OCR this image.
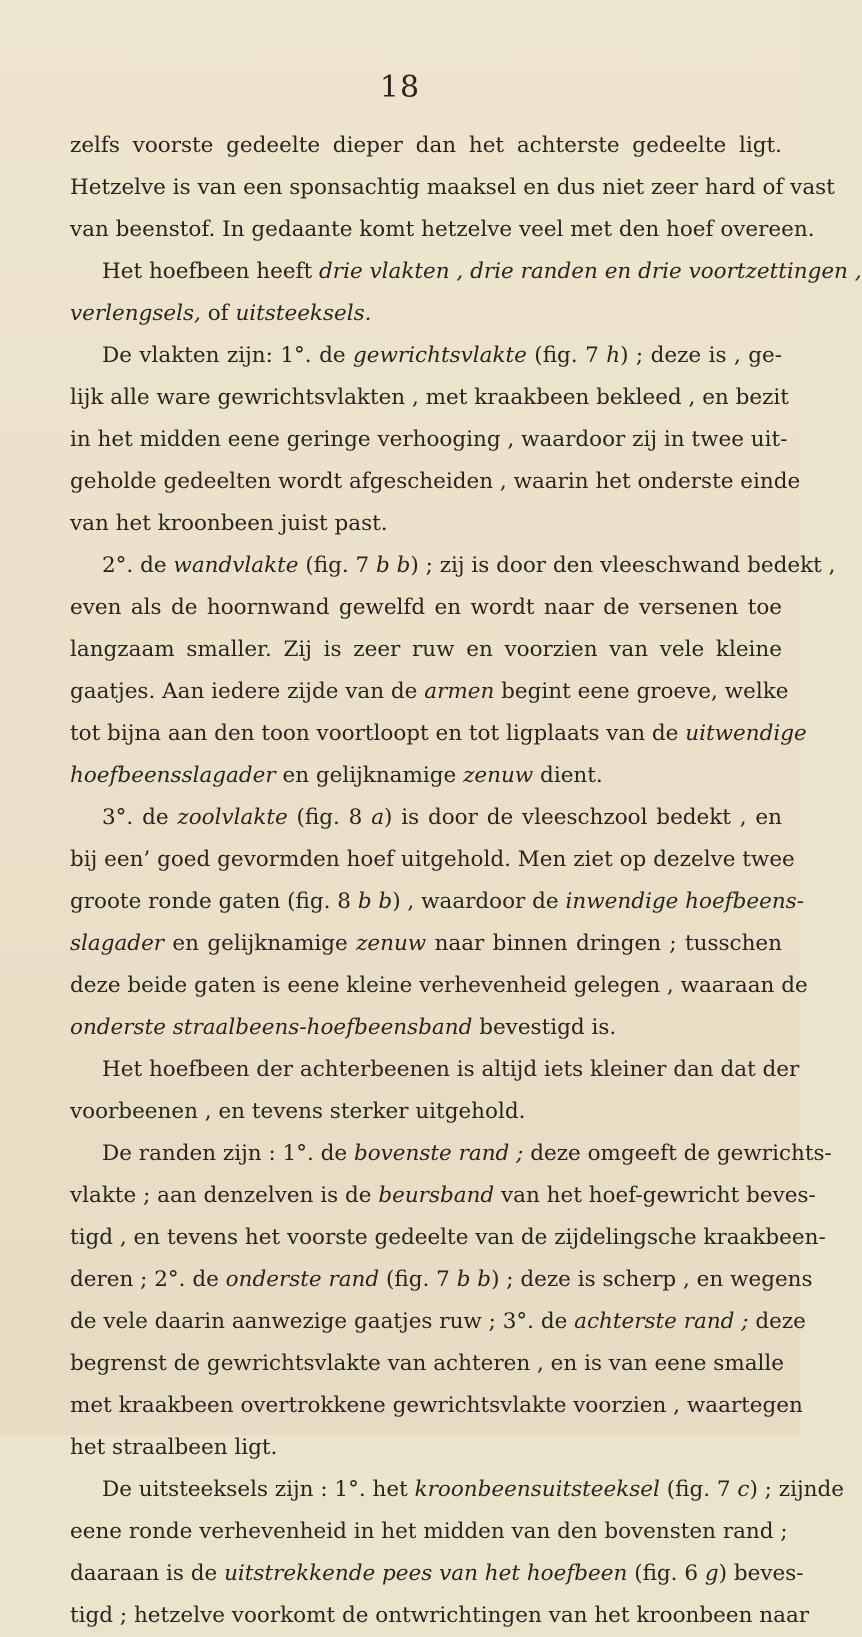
18
zelfs voorste gedeelte dieper dan het achterste gedeelte ligt.
Hetzelve is van een sponsachtig maaksel en dus niet zeer hard of vast
van beenstof. In gedaante komt hetzelve veel met den hoef overeen.
Het hoefbeen heeft drie vlakten , drie randen en drie voortzettingen ,
verlengsels, of uitsteeksels.
De vlakten zijn: 1°. de gewrichtsvlakte (fig. 7 h) ; deze is , ge-
lijk alle ware gewrichtsvlakten , met kraakbeen bekleed , en bezit
in het midden eene geringe verhooging , waardoor zij in twee uit-
geholde gedeelten wordt afgescheiden , waarin het onderste einde
van het kroonbeen juist past.
2°. de wandvlakte (fig. 7 b b) ; zij is door den vleeschwand bedekt ,
even als de hoornwand gewelfd en wordt naar de versenen toe
langzaam smaller. Zij is zeer ruw en voorzien van vele kleine
gaatjes. Aan iedere zijde van de armen begint eene groeve, welke
tot bijna aan den toon voortloopt en tot ligplaats van de uitwendige
hoefbeensslagader en gelijknamige zenuw dient.
3°. de zoolvlakte (fig. 8 a) is door de vleeschzool bedekt , en
bij een’ goed gevormden hoef uitgehold. Men ziet op dezelve twee
groote ronde gaten (fig. 8 b b) , waardoor de inwendige hoefbeens-
slagader en gelijknamige zenuw naar binnen dringen ; tusschen
deze beide gaten is eene kleine verhevenheid gelegen , waaraan de
onderste straalbeens-hoefbeensband bevestigd is.
Het hoefbeen der achterbeenen is altijd iets kleiner dan dat der
voorbeenen , en tevens sterker uitgehold.
De randen zijn : 1°. de bovenste rand ; deze omgeeft de gewrichts-
vlakte ; aan denzelven is de beursband van het hoef-gewricht beves-
tigd , en tevens het voorste gedeelte van de zijdelingsche kraakbeen-
deren ; 2°. de onderste rand (fig. 7 b b) ; deze is scherp , en wegens
de vele daarin aanwezige gaatjes ruw ; 3°. de achterste rand ; deze
begrenst de gewrichtsvlakte van achteren , en is van eene smalle
met kraakbeen overtrokkene gewrichtsvlakte voorzien , waartegen
het straalbeen ligt.
De uitsteeksels zijn : 1°. het kroonbeensuitsteeksel (fig. 7 c) ; zijnde
eene ronde verhevenheid in het midden van den bovensten rand ;
daaraan is de uitstrekkende pees van het hoefbeen (fig. 6 g) beves-
tigd ; hetzelve voorkomt de ontwrichtingen van het kroonbeen naar
